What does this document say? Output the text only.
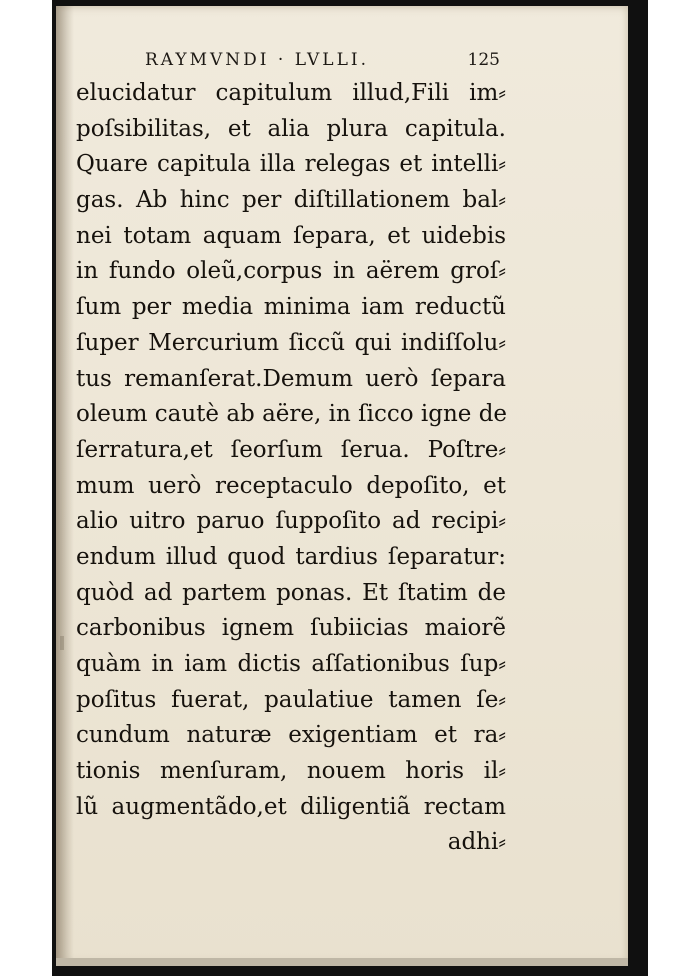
RAYMVNDI · LVLLI.	125
elucidatur capitulum illud,Fili im⸗
poſsibilitas, et alia plura capitula.
Quare capitula illa relegas et intelli⸗
gas. Ab hinc per diſtillationem bal⸗
nei totam aquam ſepara, et uidebis
in fundo oleũ,corpus in aërem groſ⸗
ſum per media minima iam reductũ
ſuper Mercurium ſiccũ qui indiſſolu⸗
tus remanſerat.Demum uerò ſepara
oleum cautè ab aëre, in ſicco igne de
ſerratura,et ſeorſum ſerua. Poſtre⸗
mum uerò receptaculo depoſito, et
alio uitro paruo ſuppoſito ad recipi⸗
endum illud quod tardius ſeparatur:
quòd ad partem ponas. Et ſtatim de
carbonibus ignem ſubiicias maiorẽ
quàm in iam dictis aſſationibus ſup⸗
poſitus fuerat, paulatiue tamen ſe⸗
cundum naturæ exigentiam et ra⸗
tionis menſuram, nouem horis il⸗
lũ augmentãdo,et diligentiã rectam
adhi⸗
